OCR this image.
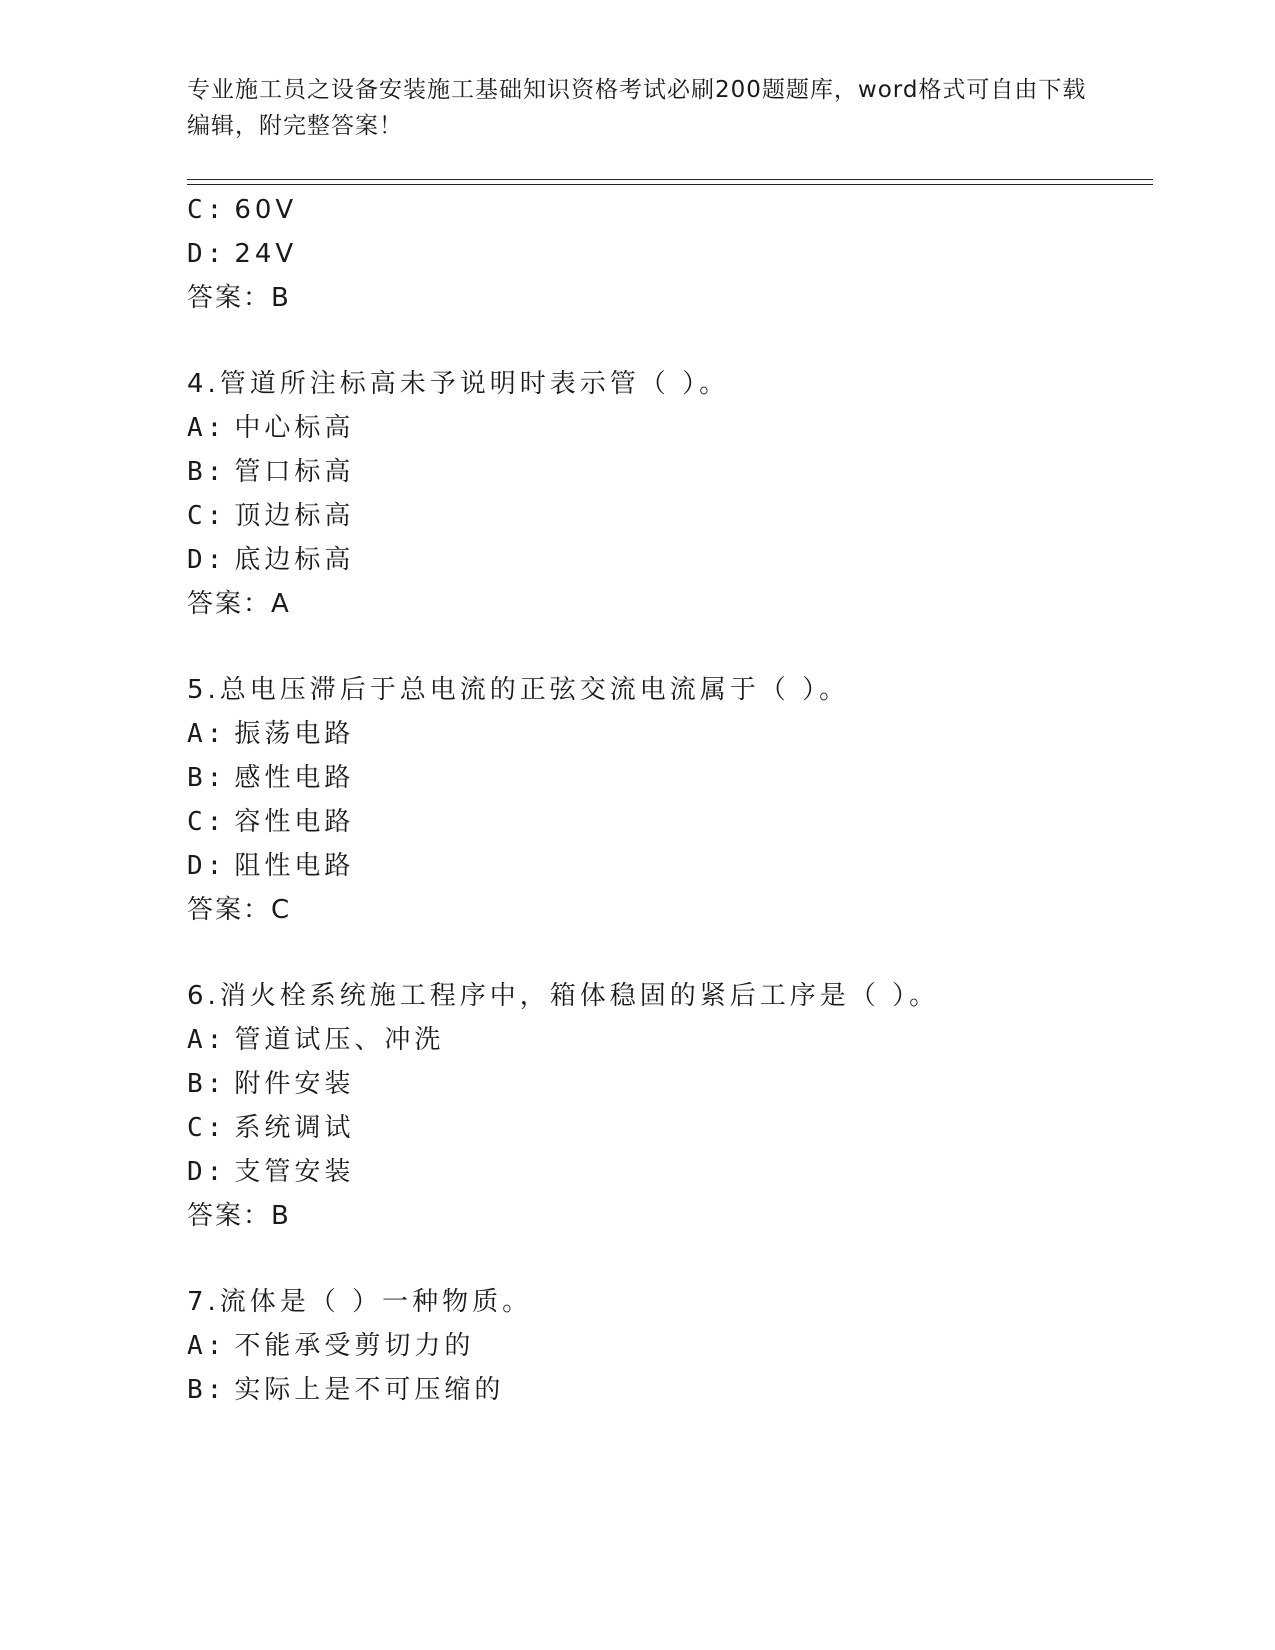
专业施工员之设备安装施工基础知识资格考试必刷200题题库，word格式可自由下载编辑，附完整答案！
C: 60V
D: 24V
答案：B
4.管道所注标高未予说明时表示管（ ）。
A: 中心标高
B: 管口标高
C: 顶边标高
D: 底边标高
答案：A
5.总电压滞后于总电流的正弦交流电流属于（ ）。
A: 振荡电路
B: 感性电路
C: 容性电路
D: 阻性电路
答案：C
6.消火栓系统施工程序中，箱体稳固的紧后工序是（ ）。
A: 管道试压、冲洗
B: 附件安装
C: 系统调试
D: 支管安装
答案：B
7.流体是（ ）一种物质。
A: 不能承受剪切力的
B: 实际上是不可压缩的
